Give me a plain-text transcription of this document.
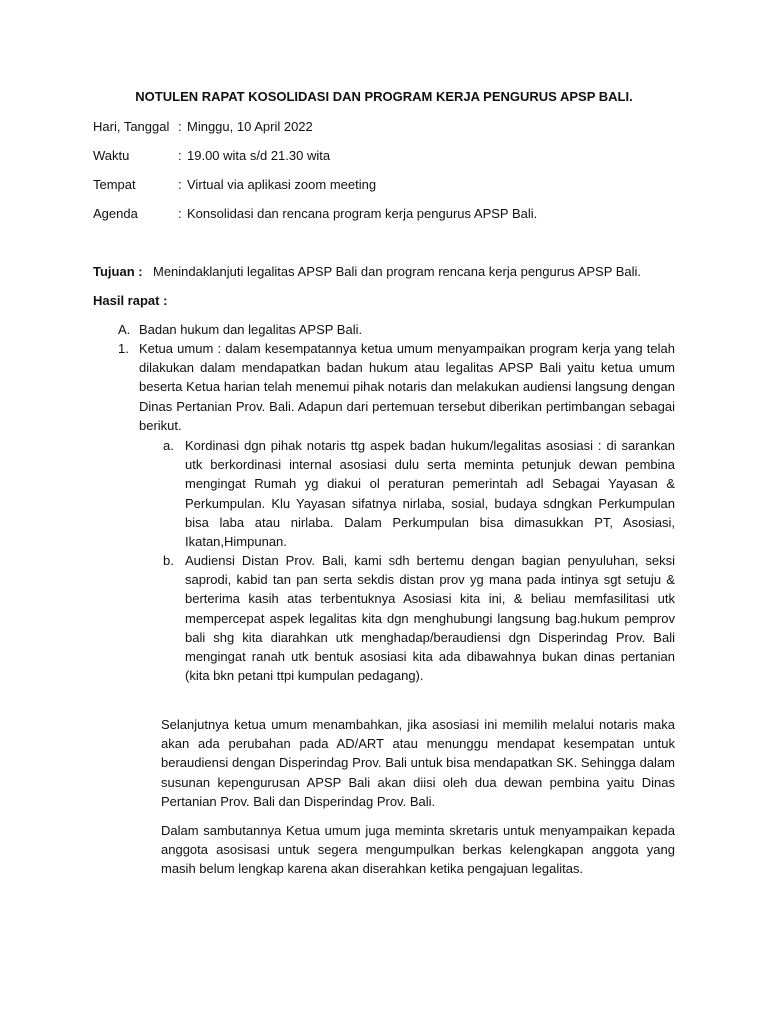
NOTULEN RAPAT KOSOLIDASI DAN PROGRAM KERJA PENGURUS APSP BALI.
Hari, Tanggal : Minggu, 10 April 2022
Waktu	: 19.00 wita s/d 21.30 wita
Tempat	: Virtual via aplikasi zoom meeting
Agenda	: Konsolidasi dan rencana program kerja pengurus APSP Bali.
Tujuan : Menindaklanjuti legalitas APSP Bali dan program rencana kerja pengurus APSP Bali.
Hasil rapat :
A. Badan hukum dan legalitas APSP Bali.
1. Ketua umum : dalam kesempatannya ketua umum menyampaikan program kerja yang telah dilakukan dalam mendapatkan badan hukum atau legalitas APSP Bali yaitu ketua umum beserta Ketua harian telah menemui pihak notaris dan melakukan audiensi langsung dengan Dinas Pertanian Prov. Bali. Adapun dari pertemuan tersebut diberikan pertimbangan sebagai berikut.
a. Kordinasi dgn pihak notaris ttg aspek badan hukum/legalitas asosiasi : di sarankan utk berkordinasi internal asosiasi dulu serta meminta petunjuk dewan pembina mengingat Rumah yg diakui ol peraturan pemerintah adl Sebagai Yayasan & Perkumpulan. Klu Yayasan sifatnya nirlaba, sosial, budaya sdngkan Perkumpulan bisa laba atau nirlaba. Dalam Perkumpulan bisa dimasukkan PT, Asosiasi, Ikatan,Himpunan.
b. Audiensi Distan Prov. Bali, kami sdh bertemu dengan bagian penyuluhan, seksi saprodi, kabid tan pan serta sekdis distan prov yg mana pada intinya sgt setuju & berterima kasih atas terbentuknya Asosiasi kita ini, & beliau memfasilitasi utk mempercepat aspek legalitas kita dgn menghubungi langsung bag.hukum pemprov bali shg kita diarahkan utk menghadap/beraudiensi dgn Disperindag Prov. Bali mengingat ranah utk bentuk asosiasi kita ada dibawahnya bukan dinas pertanian (kita bkn petani ttpi kumpulan pedagang).
Selanjutnya ketua umum menambahkan, jika asosiasi ini memilih melalui notaris maka akan ada perubahan pada AD/ART atau menunggu mendapat kesempatan untuk beraudiensi dengan Disperindag Prov. Bali untuk bisa mendapatkan SK. Sehingga dalam susunan kepengurusan APSP Bali akan diisi oleh dua dewan pembina yaitu Dinas Pertanian Prov. Bali dan Disperindag Prov. Bali.
Dalam sambutannya Ketua umum juga meminta skretaris untuk menyampaikan kepada anggota asosisasi untuk segera mengumpulkan berkas kelengkapan anggota yang masih belum lengkap karena akan diserahkan ketika pengajuan legalitas.
